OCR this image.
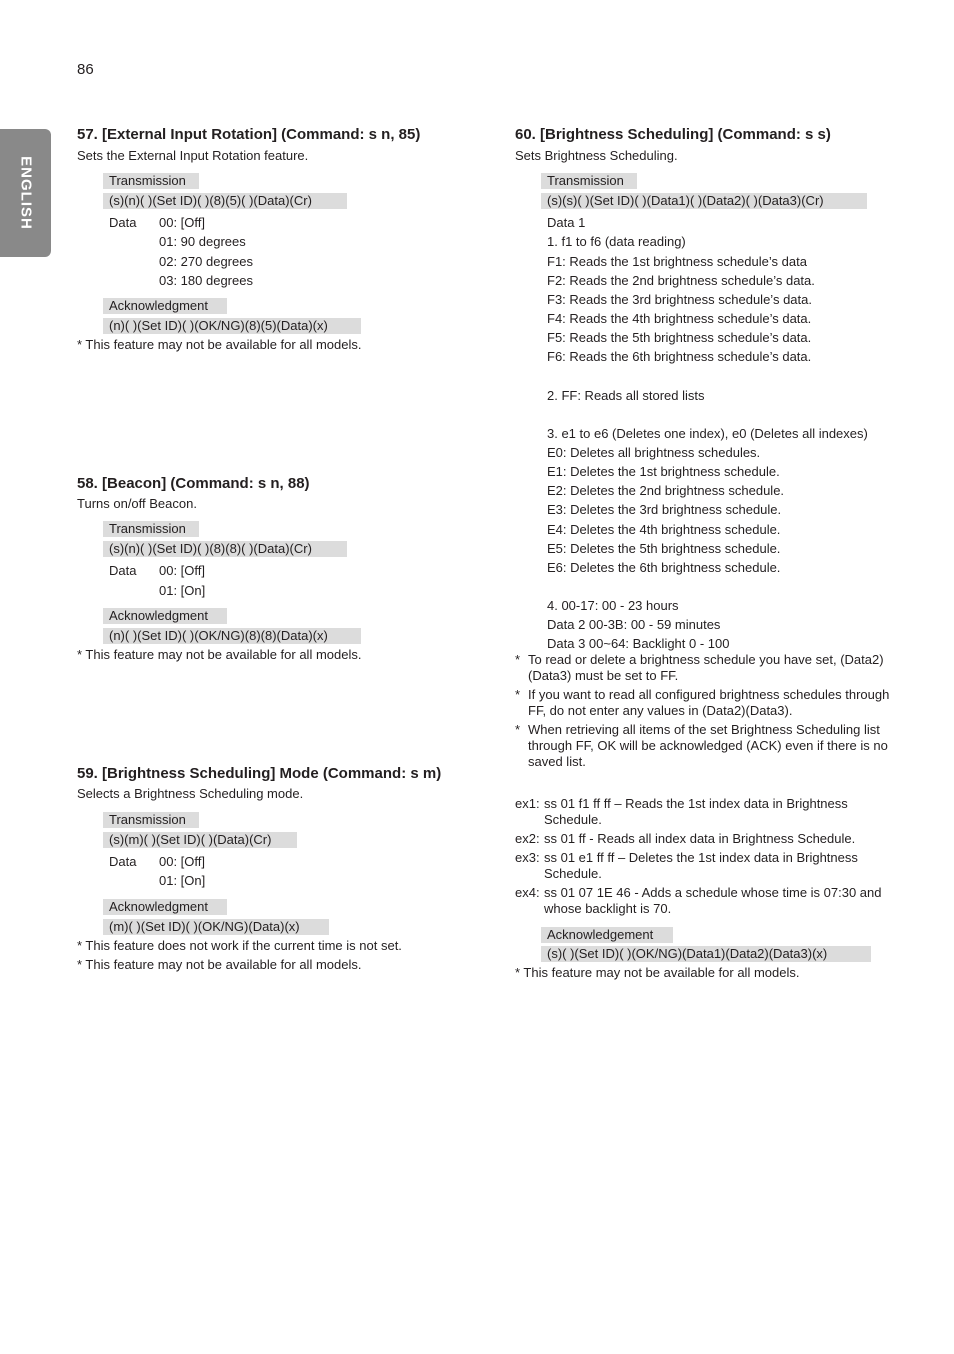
86
ENGLISH
57. [External Input Rotation] (Command: s n, 85)
Sets the External Input Rotation feature.
Transmission
(s)(n)( )(Set ID)( )(8)(5)( )(Data)(Cr)
Data 00: [Off]
01: 90 degrees
02: 270 degrees
03: 180 degrees
Acknowledgment
(n)( )(Set ID)( )(OK/NG)(8)(5)(Data)(x)
* This feature may not be available for all models.
58. [Beacon] (Command: s n, 88)
Turns on/off Beacon.
Transmission
(s)(n)( )(Set ID)( )(8)(8)( )(Data)(Cr)
Data 00: [Off]
01: [On]
Acknowledgment
(n)( )(Set ID)( )(OK/NG)(8)(8)(Data)(x)
* This feature may not be available for all models.
59. [Brightness Scheduling] Mode (Command: s m)
Selects a Brightness Scheduling mode.
Transmission
(s)(m)( )(Set ID)( )(Data)(Cr)
Data 00: [Off]
01: [On]
Acknowledgment
(m)( )(Set ID)( )(OK/NG)(Data)(x)
* This feature does not work if the current time is not set.
* This feature may not be available for all models.
60. [Brightness Scheduling] (Command: s s)
Sets Brightness Scheduling.
Transmission
(s)(s)( )(Set ID)( )(Data1)( )(Data2)( )(Data3)(Cr)
Data 1
1. f1 to f6 (data reading)
F1: Reads the 1st brightness schedule’s data
F2: Reads the 2nd brightness schedule’s data.
F3: Reads the 3rd brightness schedule’s data.
F4: Reads the 4th brightness schedule’s data.
F5: Reads the 5th brightness schedule’s data.
F6: Reads the 6th brightness schedule’s data.
2. FF: Reads all stored lists
3. e1 to e6 (Deletes one index), e0 (Deletes all indexes)
E0: Deletes all brightness schedules.
E1: Deletes the 1st brightness schedule.
E2: Deletes the 2nd brightness schedule.
E3: Deletes the 3rd brightness schedule.
E4: Deletes the 4th brightness schedule.
E5: Deletes the 5th brightness schedule.
E6: Deletes the 6th brightness schedule.
4. 00-17: 00 - 23 hours
Data 2 00-3B: 00 - 59 minutes
Data 3 00~64: Backlight 0 - 100
* To read or delete a brightness schedule you have set, (Data2) (Data3) must be set to FF.
* If you want to read all configured brightness schedules through FF, do not enter any values in (Data2)(Data3).
* When retrieving all items of the set Brightness Scheduling list through FF, OK will be acknowledged (ACK) even if there is no saved list.
ex1: ss 01 f1 ff ff – Reads the 1st index data in Brightness Schedule.
ex2: ss 01 ff - Reads all index data in Brightness Schedule.
ex3: ss 01 e1 ff ff – Deletes the 1st index data in Brightness Schedule.
ex4: ss 01 07 1E 46 - Adds a schedule whose time is 07:30 and whose backlight is 70.
Acknowledgement
(s)( )(Set ID)( )(OK/NG)(Data1)(Data2)(Data3)(x)
* This feature may not be available for all models.
